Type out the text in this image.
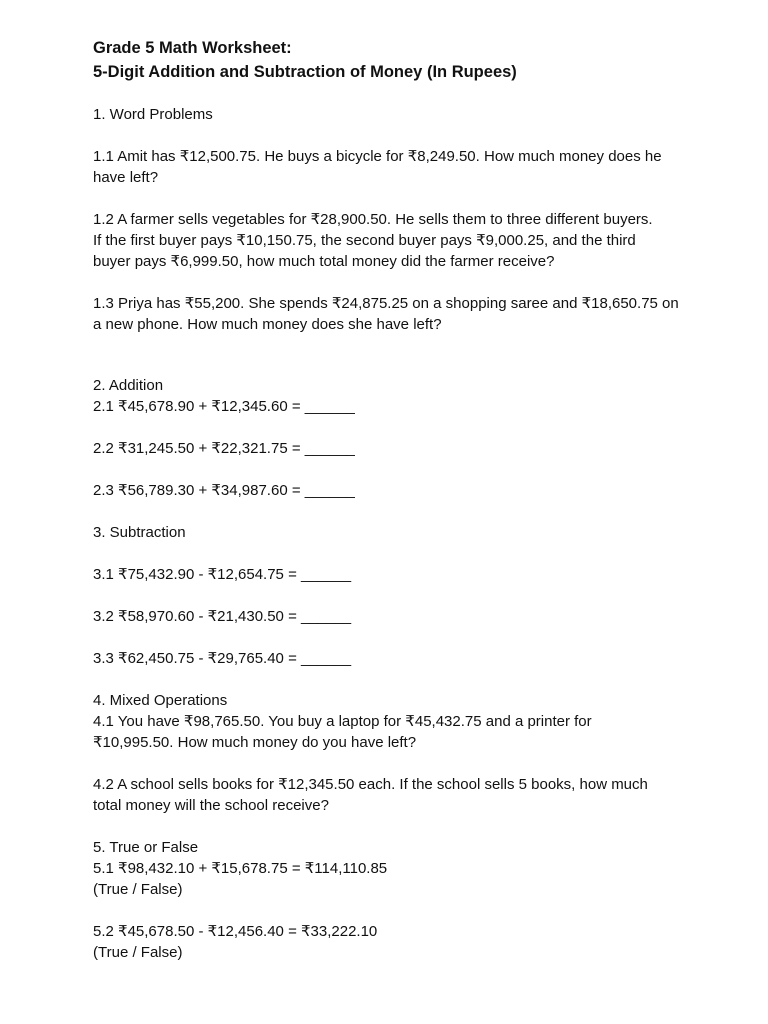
Grade 5 Math Worksheet:

5-Digit Addition and Subtraction of Money (In Rupees)

1. Word Problems

1.1 Amit has ₹12,500.75. He buys a bicycle for ₹8,249.50. How much money does he

have left?

1.2 A farmer sells vegetables for ₹28,900.50. He sells them to three different buyers.

If the first buyer pays ₹10,150.75, the second buyer pays ₹9,000.25, and the third

buyer pays ₹6,999.50, how much total money did the farmer receive?

1.3 Priya has ₹55,200. She spends ₹24,875.25 on a shopping saree and ₹18,650.75 on

a new phone. How much money does she have left?

2. Addition

2.1 ₹45,678.90 + ₹12,345.60 = ______

2.2 ₹31,245.50 + ₹22,321.75 = ______

2.3 ₹56,789.30 + ₹34,987.60 = ______

3. Subtraction

3.1 ₹75,432.90 - ₹12,654.75 = ______

3.2 ₹58,970.60 - ₹21,430.50 = ______

3.3 ₹62,450.75 - ₹29,765.40 = ______

4. Mixed Operations

4.1 You have ₹98,765.50. You buy a laptop for ₹45,432.75 and a printer for

₹10,995.50. How much money do you have left?

4.2 A school sells books for ₹12,345.50 each. If the school sells 5 books, how much

total money will the school receive?

5. True or False

5.1 ₹98,432.10 + ₹15,678.75 = ₹114,110.85

(True / False)

5.2 ₹45,678.50 - ₹12,456.40 = ₹33,222.10

(True / False)
